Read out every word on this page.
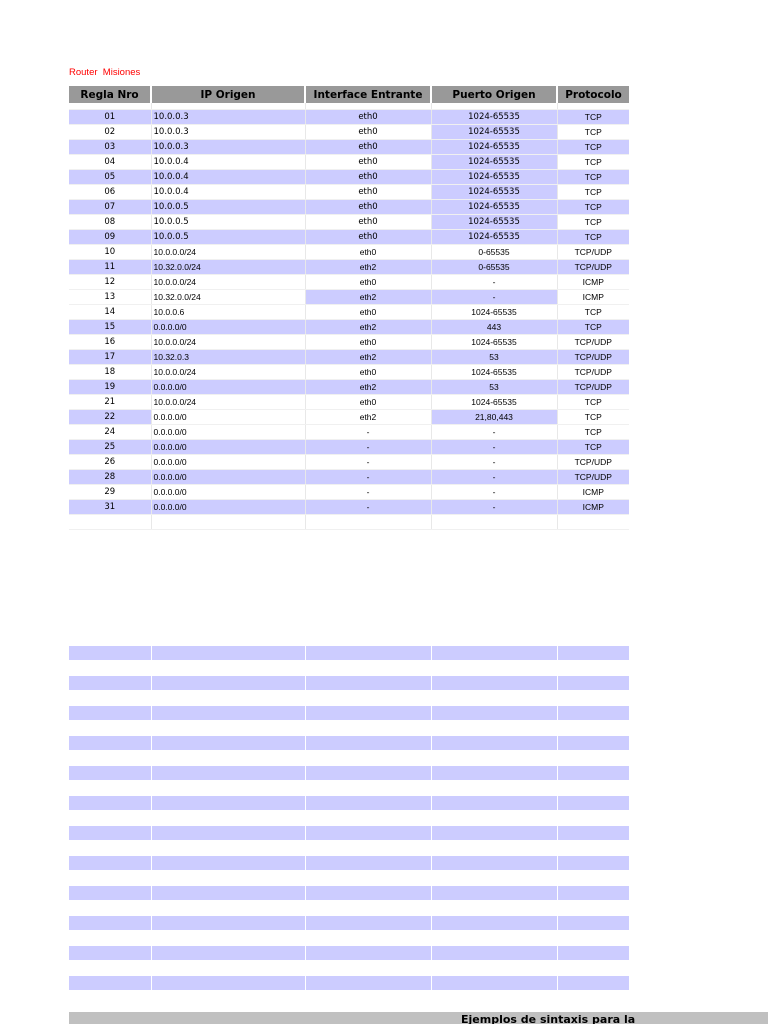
Router  Misiones
Regla Nro	IP Origen	Interface Entrante	Puerto Origen	Protocolo

01	10.0.0.3	eth0	1024-65535	TCP
02	10.0.0.3	eth0	1024-65535	TCP
03	10.0.0.3	eth0	1024-65535	TCP
04	10.0.0.4	eth0	1024-65535	TCP
05	10.0.0.4	eth0	1024-65535	TCP
06	10.0.0.4	eth0	1024-65535	TCP
07	10.0.0.5	eth0	1024-65535	TCP
08	10.0.0.5	eth0	1024-65535	TCP
09	10.0.0.5	eth0	1024-65535	TCP
10	10.0.0.0/24	eth0	0-65535	TCP/UDP
11	10.32.0.0/24	eth2	0-65535	TCP/UDP
12	10.0.0.0/24	eth0	-	ICMP
13	10.32.0.0/24	eth2	-	ICMP
14	10.0.0.6	eth0	1024-65535	TCP
15	0.0.0.0/0	eth2	443	TCP
16	10.0.0.0/24	eth0	1024-65535	TCP/UDP
17	10.32.0.3	eth2	53	TCP/UDP
18	10.0.0.0/24	eth0	1024-65535	TCP/UDP
19	0.0.0.0/0	eth2	53	TCP/UDP
21	10.0.0.0/24	eth0	1024-65535	TCP
22	0.0.0.0/0	eth2	21,80,443	TCP
24	0.0.0.0/0	-	-	TCP
25	0.0.0.0/0	-	-	TCP
26	0.0.0.0/0	-	-	TCP/UDP
28	0.0.0.0/0	-	-	TCP/UDP
29	0.0.0.0/0	-	-	ICMP
31	0.0.0.0/0	-	-	ICMP

Ejemplos de sintaxis para la
